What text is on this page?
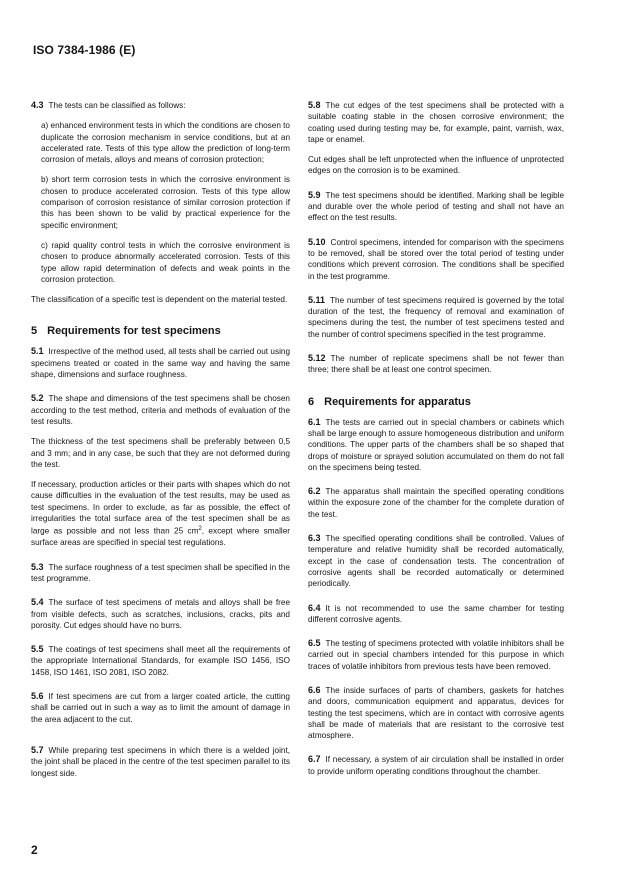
ISO 7384-1986 (E)

4.3 The tests can be classified as follows:

a) enhanced environment tests in which the conditions are chosen to duplicate the corrosion mechanism in service conditions, but at an accelerated rate. Tests of this type allow the prediction of long-term corrosion of metals, alloys and means of corrosion protection;

b) short term corrosion tests in which the corrosive environment is chosen to produce accelerated corrosion. Tests of this type allow comparison of corrosion resistance of similar corrosion protection if this has been shown to be valid by practical experience for the specific environment;

c) rapid quality control tests in which the corrosive environment is chosen to produce abnormally accelerated corrosion. Tests of this type allow rapid determination of defects and weak points in the corrosion protection.

The classification of a specific test is dependent on the material tested.

5 Requirements for test specimens

5.1 Irrespective of the method used, all tests shall be carried out using specimens treated or coated in the same way and having the same shape, dimensions and surface roughness.

5.2 The shape and dimensions of the test specimens shall be chosen according to the test method, criteria and methods of evaluation of the test results.

The thickness of the test specimens shall be preferably between 0,5 and 3 mm; and in any case, be such that they are not deformed during the test.

If necessary, production articles or their parts with shapes which do not cause difficulties in the evaluation of the test results, may be used as test specimens. In order to exclude, as far as possible, the effect of irregularities the total surface area of the test specimen shall be as large as possible and not less than 25 $cm^2$, except where smaller surface areas are specified in special test regulations.

5.3 The surface roughness of a test specimen shall be specified in the test programme.

5.4 The surface of test specimens of metals and alloys shall be free from visible defects, such as scratches, inclusions, cracks, pits and porosity. Cut edges should have no burrs.

5.5 The coatings of test specimens shall meet all the requirements of the appropriate International Standards, for example ISO 1456, ISO 1458, ISO 1461, ISO 2081, ISO 2082.

5.6 If test specimens are cut from a larger coated article, the cutting shall be carried out in such a way as to limit the amount of damage in the area adjacent to the cut.

5.7 While preparing test specimens in which there is a welded joint, the joint shall be placed in the centre of the test specimen parallel to its longest side.

5.8 The cut edges of the test specimens shall be protected with a suitable coating stable in the chosen corrosive environment; the coating used during testing may be, for example, paint, varnish, wax, tape or enamel.

Cut edges shall be left unprotected when the influence of unprotected edges on the corrosion is to be examined.

5.9 The test specimens should be identified. Marking shall be legible and durable over the whole period of testing and shall not have an effect on the test results.

5.10 Control specimens, intended for comparison with the specimens to be removed, shall be stored over the total period of testing under conditions which prevent corrosion. The conditions shall be specified in the test programme.

5.11 The number of test specimens required is governed by the total duration of the test, the frequency of removal and examination of specimens during the test, the number of test specimens tested and the number of control specimens specified in the test programme.

5.12 The number of replicate specimens shall be not fewer than three; there shall be at least one control specimen.

6 Requirements for apparatus

6.1 The tests are carried out in special chambers or cabinets which shall be large enough to assure homogeneous distribution and uniform conditions. The upper parts of the chambers shall be so shaped that drops of moisture or sprayed solution accumulated on them do not fall on the specimens being tested.

6.2 The apparatus shall maintain the specified operating conditions within the exposure zone of the chamber for the complete duration of the test.

6.3 The specified operating conditions shall be controlled. Values of temperature and relative humidity shall be recorded automatically, except in the case of condensation tests. The concentration of corrosive agents shall be recorded automatically or determined periodically.

6.4 It is not recommended to use the same chamber for testing different corrosive agents.

6.5 The testing of specimens protected with volatile inhibitors shall be carried out in special chambers intended for this purpose in which traces of volatile inhibitors from previous tests have been removed.

6.6 The inside surfaces of parts of chambers, gaskets for hatches and doors, communication equipment and apparatus, devices for testing the test specimens, which are in contact with corrosive agents shall be made of materials that are resistant to the corrosive test atmosphere.

6.7 If necessary, a system of air circulation shall be installed in order to provide uniform operating conditions throughout the chamber.

2
